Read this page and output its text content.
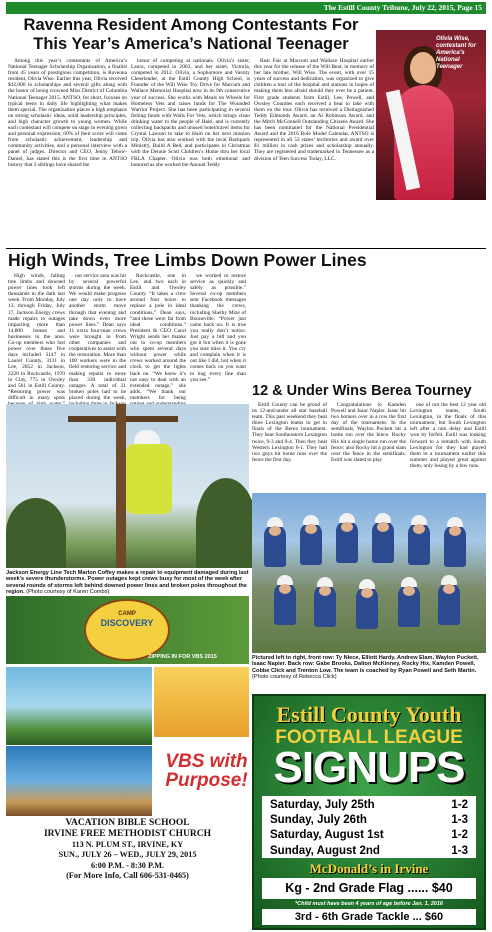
The Estill County Tribune, July 22, 2015, Page 15
Ravenna Resident Among Contestants For This Year’s America’s National Teenager

Among this year’s contestants of America’s National Teenager Scholarship Organization, a finalist from 45 years of prestigious competition, is Ravenna resident, Olivia Wise. Earlier this year, Olivia received $12,000 in scholarships and several gifts along with the honor of being crowned Miss District of Columbia National Teenager 2015. ANTSO, for short, focuses on typical teens in daily life highlighting what makes them special. The organization places a high emphasis on strong scholastic ideas, solid leadership principles, and high character growth to young women. While each contestant will compete on stage in evening gown and personal expression, 60% of their score will come from scholastic achievement, leadership and community activities, and a personal interview with a panel of judges. Director and CEO, Jenny Tebow-Daniel, has stated this is the first time in ANTSO history that 3 siblings have shared the

honor of competing at nationals. Olivia’s sister, Laura, competed in 2003, and her sister, Victoria, competed in 2012. Olivia, a Sophomore and Varsity Cheerleader, at the Estill County High School, is Founder of the Will Wise Toy Drive for Marcum and Wallace Memorial Hospital now in its 9th consecutive year of success. She works with Meals on Wheels for Homeless Vets and raises funds for The Wounded Warrior Project. She has been participating in several fishing funds with Walls For Vets, which brings clean drinking water to the people of Haiti, and is currently collecting backpacks and unused hotel/travel items for Crystal Lawson to take to Haiti on her next mission trip. Olivia has also worked with the local Backpack Ministry, Build A Bed, and participates in Christmas with the Dennie Scott Children’s Home thru her local FBLA Chapter. Olivia was both emotional and honored as she worked the Annual Teddy

Bear Fair at Marcum and Wallace Hospital earlier this year for the release of the Will Bear, in memory of her late brother, Will Wise. The event, with over 15 years of success and dedication, was organized to give children a tour of the hospital and stations in hopes of making them less afraid should they ever be a patient. First grade students from Estill, Lee, Powell, and Owsley Counties each received a bear to take with them on the tour. Olivia has received a Distinguished Teddy Edmonds Award, an Al Robinson Award, and the Mitch McConnell Outstanding Citizens Award. She has been nominated for the National Presidential Award and the 2016 Role Model Calendar. ANTSO is represented in all 53 states’ territories and award over $1 million in cash prizes and scholarship annually. They are registered and trademarked in Tennessee as a division of Teen Success Today, LLC.

Olivia Wise, contestant for America’s National Teenager
High Winds, Tree Limbs Down Power Lines

High winds, falling tree limbs and downed power lines took left thousands in the dark last week. From Monday, July 13, through Friday, July 17, Jackson Energy crews made repairs to outages impacting more than 14,800 homes and businesses in the area. Co-op members who lost power over those five days included 3147 in Laurel County, 3131 in Lee, 2852 in Jackson, 2220 in Rockcastle, 1970 in Clay, 775 in Owsley and 561 in Estill County. “Restoring power was difficult in many spots

our service area was hit by several powerful storms during the week. We would make progress one day only to have another storm move through that evening and take down even more power lines.” Dean says 11 extra four-man crews were brought in from other companies and cooperatives to assist with the restoration. More than 100 workers were in the field restoring service and making repairs to more than 330 individual outages. A total of 21 broken poles had to be placed during the week,

Rockcastle, one in Lee, and two each in Estill and Owsley County. “It takes a crew around four hours to replace a pole in ideal conditions,” Dean says, “and these were far from ideal conditions.” President & CEO Carol Wright sends her thanks out to co-op members who spent several days without power while crews worked around the clock to get the lights back on. “We know it’s not easy to deal with an extended outage,” she adds. “We thank our members for being

we worked to restore service as quickly and safely as possible.” Several co-op members sent Facebook messages thanking the crews, including Shelby Mize of Booneville. “Power just came back on. It is true you really don’t notice. Just pay a bill and you got it but when it is gone you sure miss it. You cry and complain when it is out like I did, but when it comes back on you want to hug every line man you see.”

Jackson Energy Line Tech Marlon Coffey makes a repair to equipment damaged during last week’s severe thunderstorms. Power outages kept crews busy for most of the week after several rounds of storms left behind downed power lines and broken poles throughout the region. (Photo courtesy of Karen Combs)
12 & Under Wins Berea Tourney

Estill County can be proud of its 12-and-under all star baseball team. This past weekend they beat three Lexington teams to get in finals of the Berea tournament. They beat Southeastern Lexington twice, 9-3 and 9-4. Then they beat Western Lexington 6-1. They had two guys hit home runs over the fence the first day.

Congratulations to Kamden Powell and Isaac Napier. Isaac hit two homers over in a row the first day of the tournament. In the semifinals, Waylon Puckett hit a home run over the fence. Rocky Hix hit a single home run over the fence; also Rocky hit a grand slam over the fence in the semifinals. Estill was slated to play

one of not the best 12 year old Lexington teams, South Lexington, in the finals of this tournament, but South Lexington left after a rain delay and Estill won by forfeit. Estill was looking forward to a rematch with South Lexington for they had played them in a tournament earlier this summer and played great against them, only losing by a few runs.

Pictured left to right, front row: Ty Niece, Elliott Hardy, Andrew Elam, Waylon Puckett, Isaac Napier. Back row: Gabe Brooks, Dalton McKinney, Rocky Hix, Kamden Powell, Cobbe Click and Trenton Low. The team is coached by Ryan Powell and Seth Martin. (Photo courtesy of Rebecca Click)
CAMP
DISCOVERY
ZIPPING IN FOR VBS 2015
VBS with Purpose!
VACATION BIBLE SCHOOL
IRVINE FREE METHODIST CHURCH
113 N. PLUM ST., IRVINE, KY
SUN., JULY 26 – WED., JULY 29, 2015
6:00 P.M. - 8:30 P.M.
(For More Info, Call 606-531-0465)
Estill County Youth
FOOTBALL LEAGUE
SIGNUPS
Saturday, July 25th	1-2
Sunday, July 26th	1-3
Saturday, August 1st	1-2
Sunday, August 2nd	1-3
McDonald’s in Irvine
Kg - 2nd Grade Flag ...... $40
*Child must have been 4 years of age before Jan. 1, 2016
3rd - 6th Grade Tackle ... $60
